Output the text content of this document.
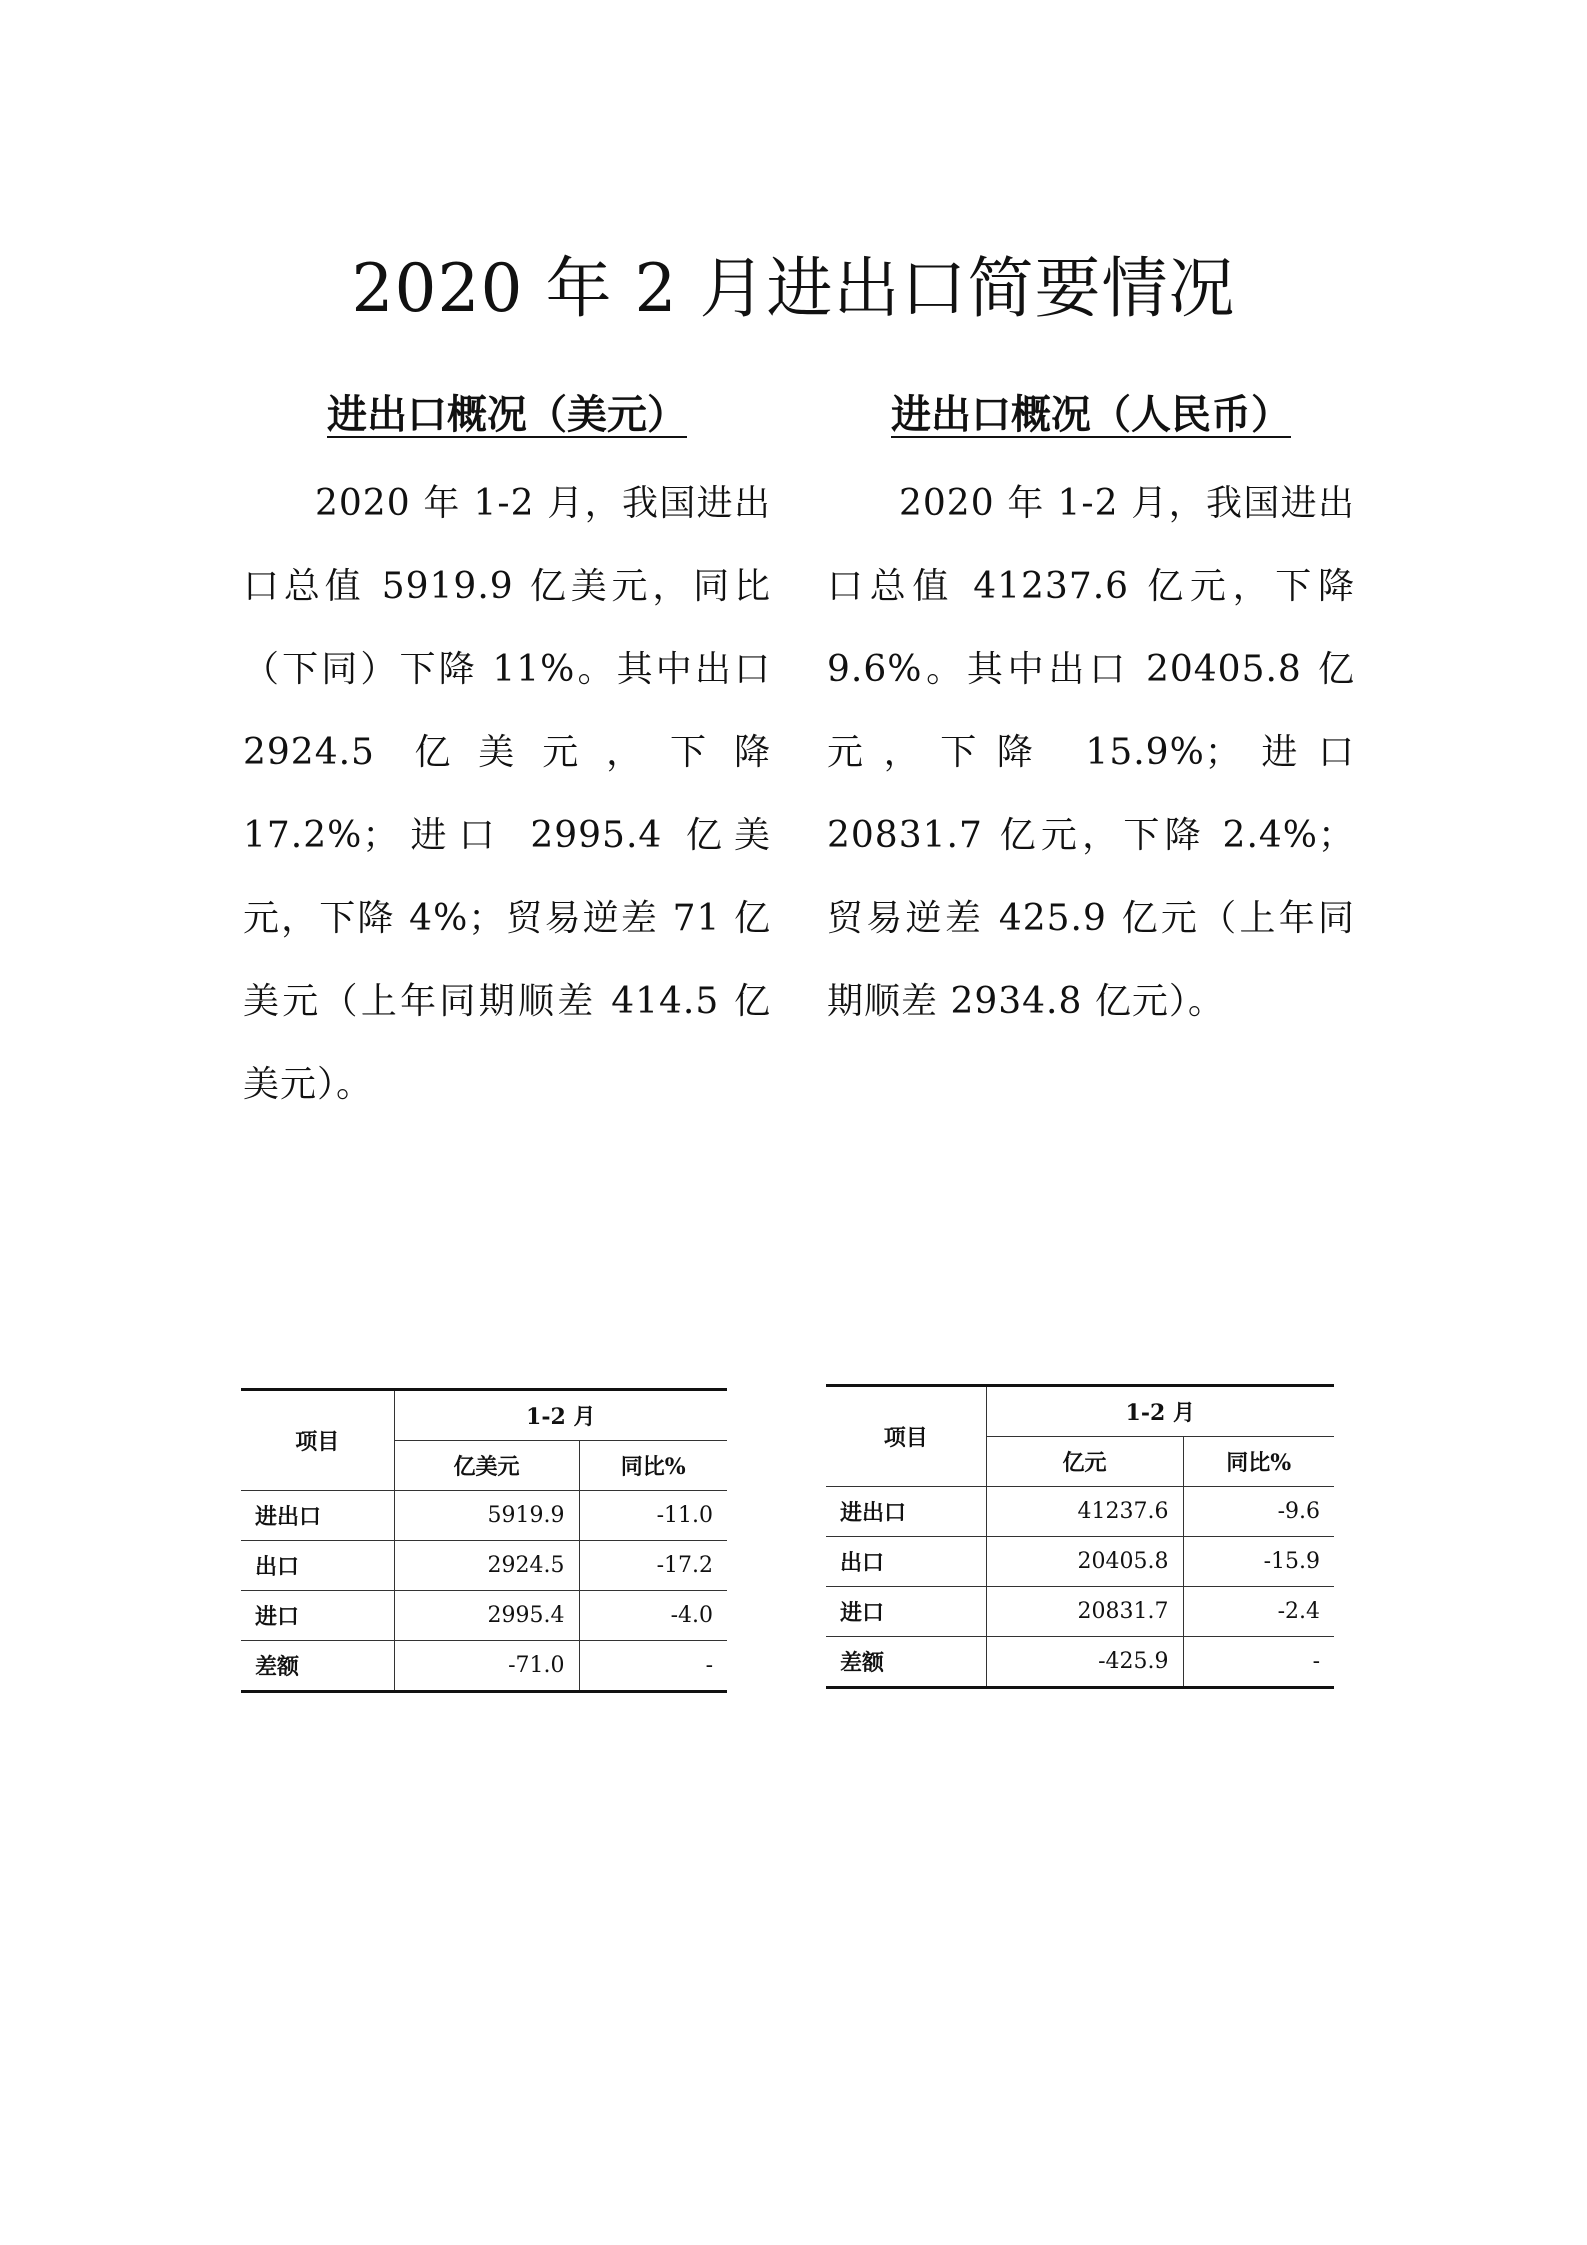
2020 年 2 月进出口简要情况
进出口概况（美元）

2020 年 1-2 月，我国进出口总值 5919.9 亿美元，同比（下同）下降 11%。其中出口 2924.5 亿美元，下降 17.2%；进口 2995.4 亿美元，下降 4%；贸易逆差 71 亿美元（上年同期顺差 414.5 亿美元）。

进出口概况（人民币）

2020 年 1-2 月，我国进出口总值 41237.6 亿元，下降 9.6%。其中出口 20405.8 亿元，下降 15.9%；进口 20831.7 亿元，下降 2.4%；贸易逆差 425.9 亿元（上年同期顺差 2934.8 亿元）。

项目	1-2 月	
	亿美元	同比%
进出口	5919.9	-11.0
出口	2924.5	-17.2
进口	2995.4	-4.0
差额	-71.0	-
项目	1-2 月	
	亿元	同比%
进出口	41237.6	-9.6
出口	20405.8	-15.9
进口	20831.7	-2.4
差额	-425.9	-
